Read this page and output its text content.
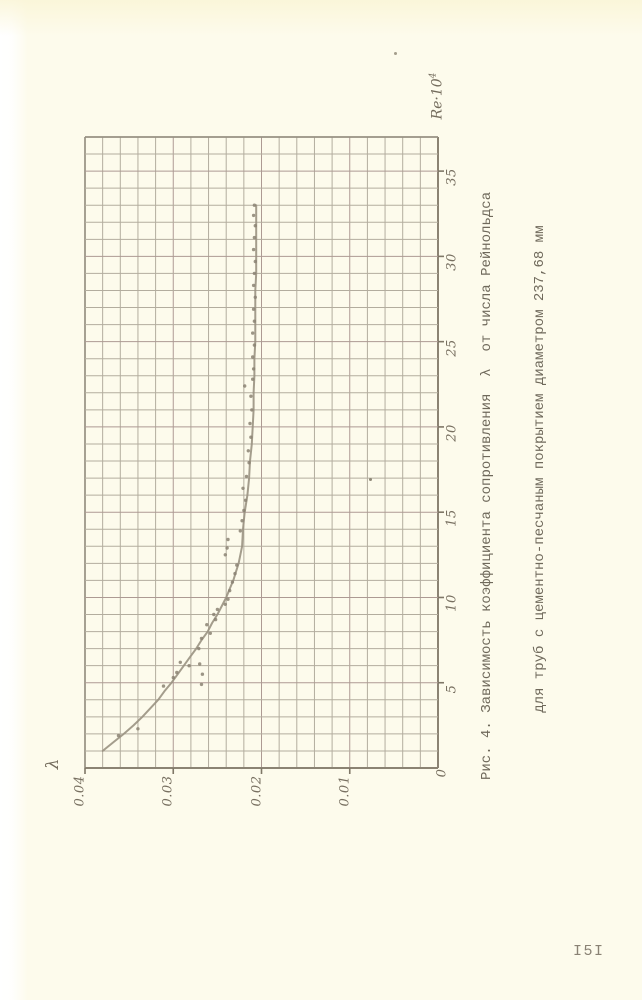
0.04	0.03	0.02	0.01
5
10
15
20
25
30
35
λ
$Re\cdot 10^4$
0

Рис. 4. Зависимость коэффициента сопротивления  λ  от числа Рейнольдса

	для труб с цементно-песчаным покрытием диаметром 237,68 мм

I5I
